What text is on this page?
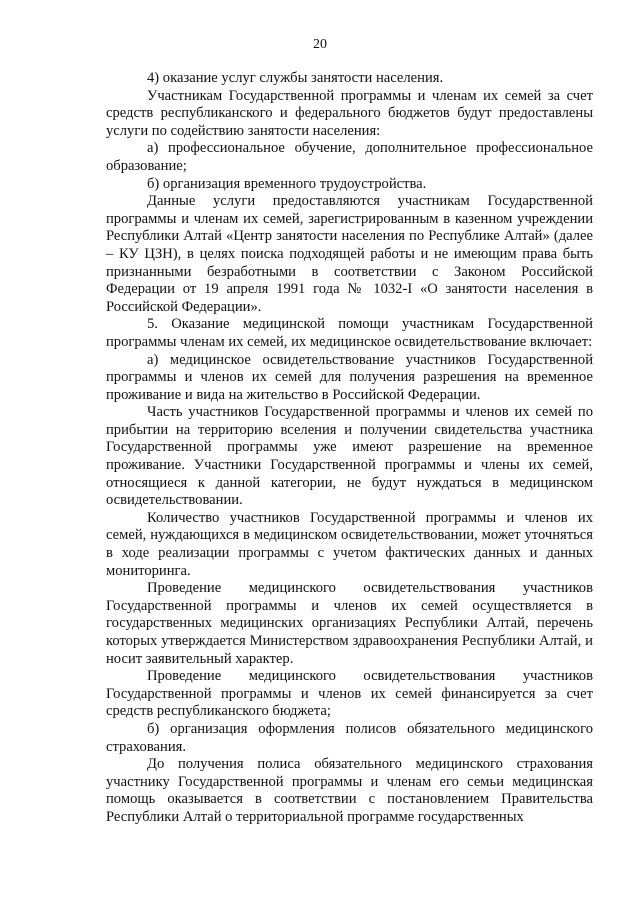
20

4) оказание услуг службы занятости населения.

Участникам Государственной программы и членам их семей за счет средств республиканского и федерального бюджетов будут предоставлены услуги по содействию занятости населения:

а) профессиональное обучение, дополнительное профессиональное образование;

б) организация временного трудоустройства.

Данные услуги предоставляются участникам Государственной программы и членам их семей, зарегистрированным в казенном учреждении Республики Алтай «Центр занятости населения по Республике Алтай» (далее – КУ ЦЗН), в целях поиска подходящей работы и не имеющим права быть признанными безработными в соответствии с Законом Российской Федерации от 19 апреля 1991 года № 1032-I «О занятости населения в Российской Федерации».

5. Оказание медицинской помощи участникам Государственной программы членам их семей, их медицинское освидетельствование включает:

а) медицинское освидетельствование участников Государственной программы и членов их семей для получения разрешения на временное проживание и вида на жительство в Российской Федерации.

Часть участников Государственной программы и членов их семей по прибытии на территорию вселения и получении свидетельства участника Государственной программы уже имеют разрешение на временное проживание. Участники Государственной программы и члены их семей, относящиеся к данной категории, не будут нуждаться в медицинском освидетельствовании.

Количество участников Государственной программы и членов их семей, нуждающихся в медицинском освидетельствовании, может уточняться в ходе реализации программы с учетом фактических данных и данных мониторинга.

Проведение медицинского освидетельствования участников Государственной программы и членов их семей осуществляется в государственных медицинских организациях Республики Алтай, перечень которых утверждается Министерством здравоохранения Республики Алтай, и носит заявительный характер.

Проведение медицинского освидетельствования участников Государственной программы и членов их семей финансируется за счет средств республиканского бюджета;

б) организация оформления полисов обязательного медицинского страхования.

До получения полиса обязательного медицинского страхования участнику Государственной программы и членам его семьи медицинская помощь оказывается в соответствии с постановлением Правительства Республики Алтай о территориальной программе государственных
